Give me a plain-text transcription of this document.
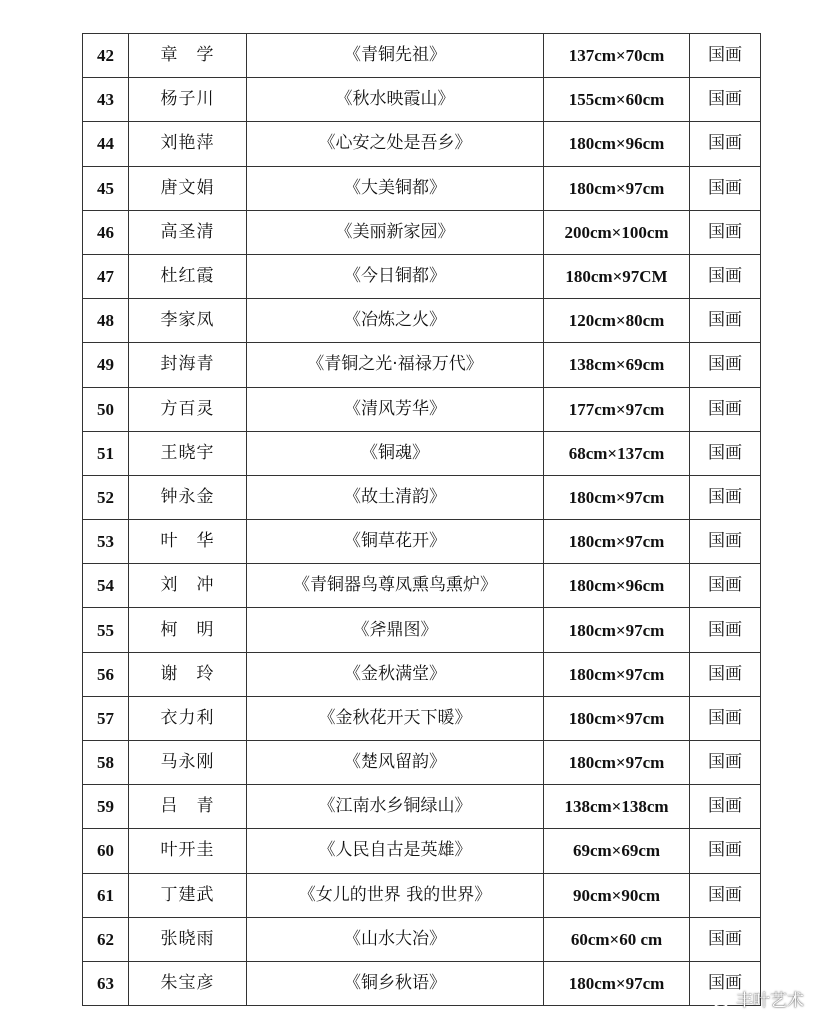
42	章　学	《青铜先祖》	137cm×70cm	国画
43	杨子川	《秋水映霞山》	155cm×60cm	国画
44	刘艳萍	《心安之处是吾乡》	180cm×96cm	国画
45	唐文娟	《大美铜都》	180cm×97cm	国画
46	高圣清	《美丽新家园》	200cm×100cm	国画
47	杜红霞	《今日铜都》	180cm×97CM	国画
48	李家凤	《冶炼之火》	120cm×80cm	国画
49	封海青	《青铜之光·福禄万代》	138cm×69cm	国画
50	方百灵	《清风芳华》	177cm×97cm	国画
51	王晓宇	《铜魂》	68cm×137cm	国画
52	钟永金	《故土清韵》	180cm×97cm	国画
53	叶　华	《铜草花开》	180cm×97cm	国画
54	刘　冲	《青铜器鸟尊凤熏鸟熏炉》	180cm×96cm	国画
55	柯　明	《斧鼎图》	180cm×97cm	国画
56	谢　玲	《金秋满堂》	180cm×97cm	国画
57	衣力利	《金秋花开天下暖》	180cm×97cm	国画
58	马永刚	《楚风留韵》	180cm×97cm	国画
59	吕　青	《江南水乡铜绿山》	138cm×138cm	国画
60	叶开圭	《人民自古是英雄》	69cm×69cm	国画
61	丁建武	《女儿的世界 我的世界》	90cm×90cm	国画
62	张晓雨	《山水大冶》	60cm×60 cm	国画
63	朱宝彦	《铜乡秋语》	180cm×97cm	国画
丰叶艺术
